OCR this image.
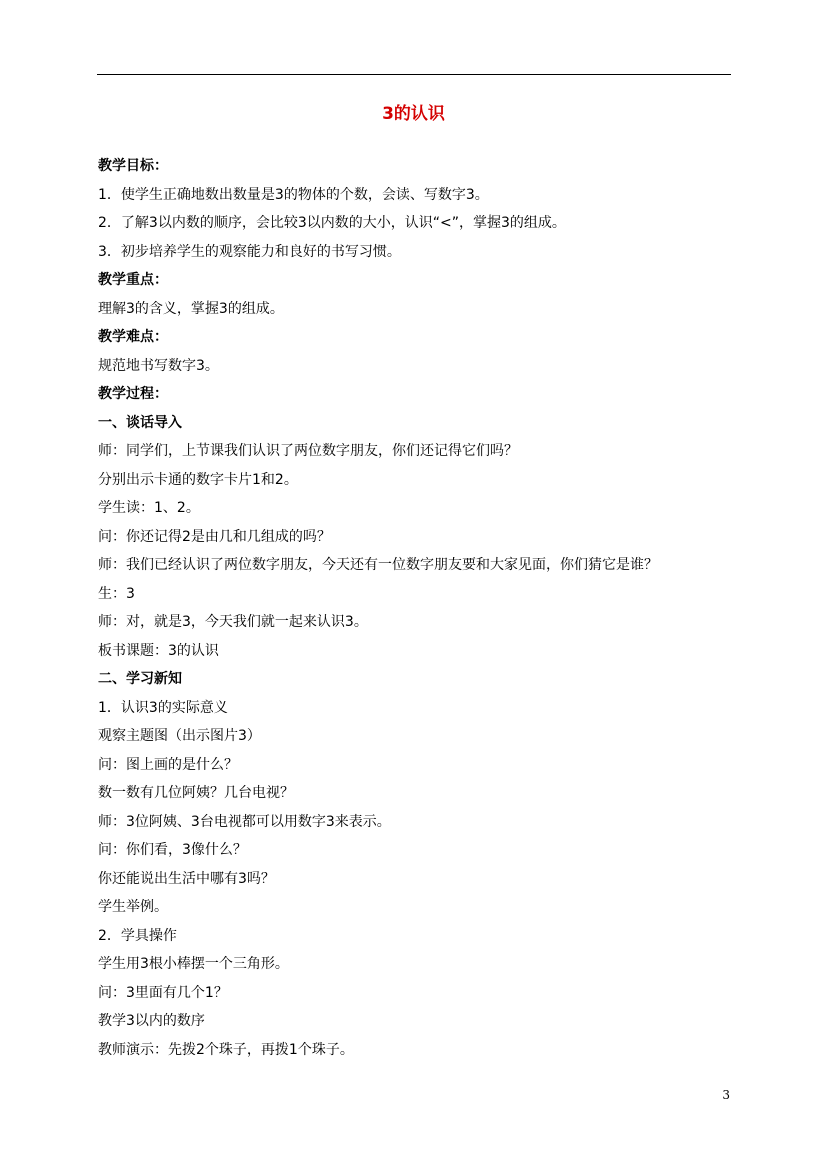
3的认识
教学目标：
1．使学生正确地数出数量是3的物体的个数，会读、写数字3。
2．了解3以内数的顺序，会比较3以内数的大小，认识“<”，掌握3的组成。
3．初步培养学生的观察能力和良好的书写习惯。
教学重点：
理解3的含义，掌握3的组成。
教学难点：
规范地书写数字3。
教学过程：
一、谈话导入
师：同学们，上节课我们认识了两位数字朋友，你们还记得它们吗？
分别出示卡通的数字卡片1和2。
学生读：1、2。
问：你还记得2是由几和几组成的吗？
师：我们已经认识了两位数字朋友，今天还有一位数字朋友要和大家见面，你们猜它是谁？
生：3
师：对，就是3，今天我们就一起来认识3。
板书课题：3的认识
二、学习新知
1．认识3的实际意义
观察主题图（出示图片3）
问：图上画的是什么？
数一数有几位阿姨？几台电视？
师：3位阿姨、3台电视都可以用数字3来表示。
问：你们看，3像什么？
你还能说出生活中哪有3吗？
学生举例。
2．学具操作
学生用3根小棒摆一个三角形。
问：3里面有几个1？
教学3以内的数序
教师演示：先拨2个珠子，再拨1个珠子。
3
